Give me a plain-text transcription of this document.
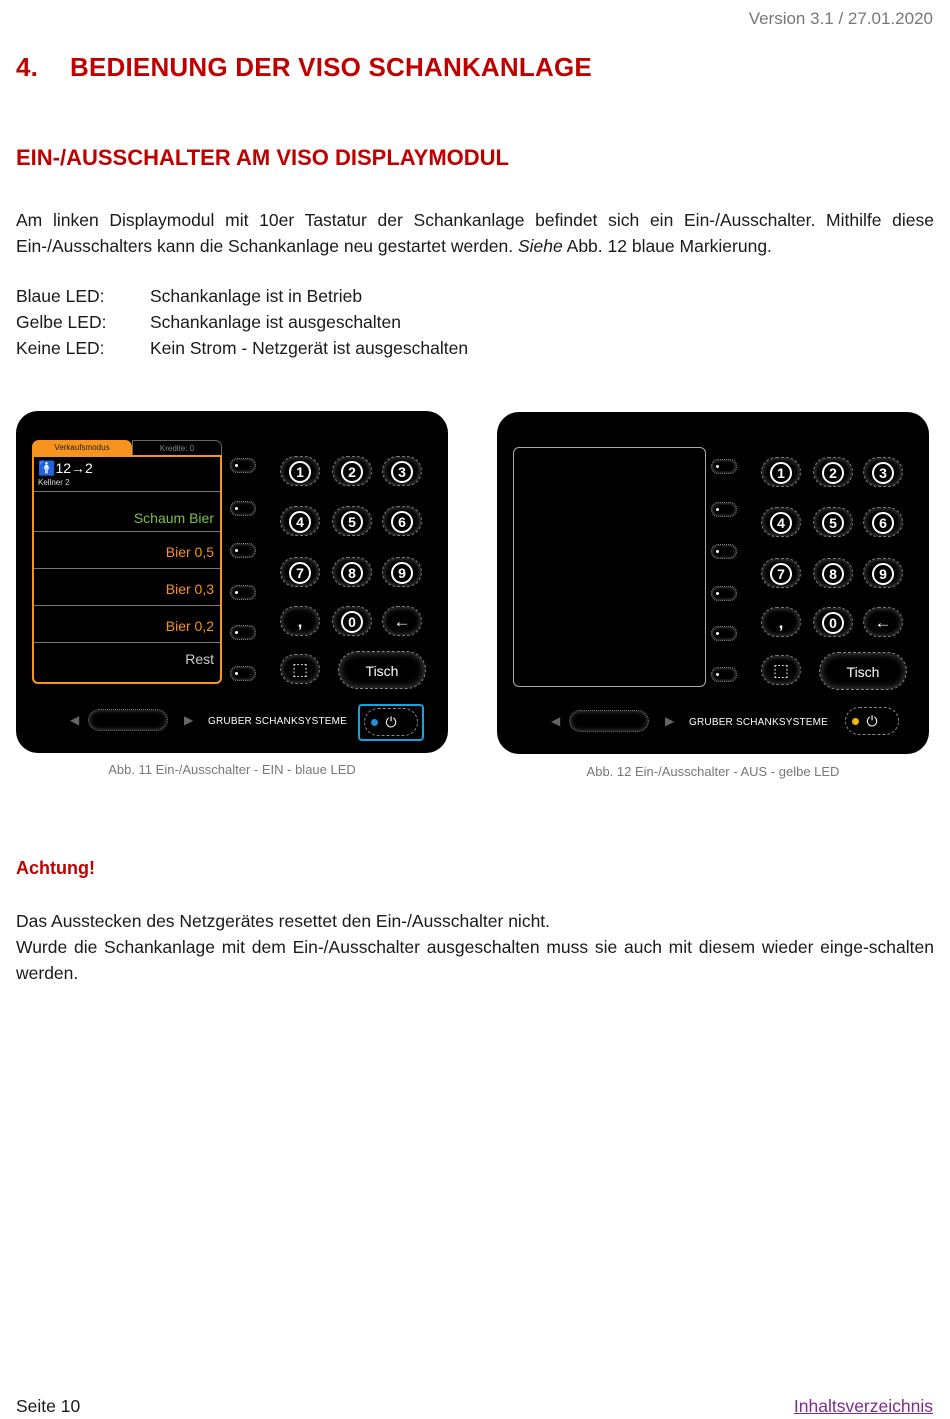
Version 3.1 / 27.01.2020
4. BEDIENUNG DER VISO SCHANKANLAGE
EIN-/AUSSCHALTER AM VISO DISPLAYMODUL
Am linken Displaymodul mit 10er Tastatur der Schankanlage befindet sich ein Ein-/Ausschalter. Mithilfe diese Ein-/Ausschalters kann die Schankanlage neu gestartet werden. Siehe Abb. 12 blaue Markierung.
Blaue LED:	Schankanlage ist in Betrieb
Gelbe LED:	Schankanlage ist ausgeschalten
Keine LED:	Kein Strom - Netzgerät ist ausgeschalten
Verkaufsmodus	Kredite: 0
🚹12→2
Kellner 2
Schaum Bier
Bier 0,5
Bier 0,3
Bier 0,2
Rest
1	2	3
4	5	6
7	8	9
,	0	←
⬚	Tisch
◀	▶ GRUBER SCHANKSYSTEME	⏻
Abb. 11 Ein-/Ausschalter - EIN - blaue LED
1	2	3
4	5	6
7	8	9
,	0	←
⬚	Tisch
◀	▶ GRUBER SCHANKSYSTEME	⏻
Abb. 12 Ein-/Ausschalter - AUS - gelbe LED
Achtung!
Das Ausstecken des Netzgerätes resettet den Ein-/Ausschalter nicht.
Wurde die Schankanlage mit dem Ein-/Ausschalter ausgeschalten muss sie auch mit diesem wieder einge-schalten werden.
Seite 10	Inhaltsverzeichnis
